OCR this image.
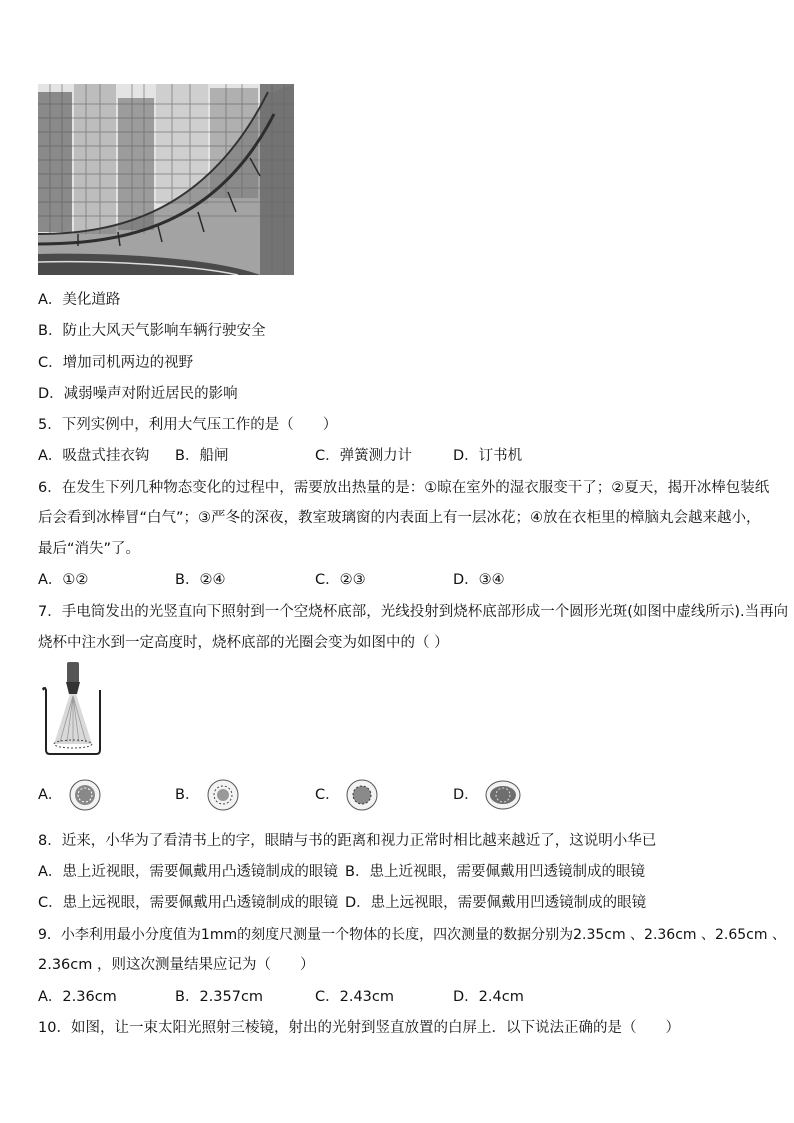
A．美化道路
B．防止大风天气影响车辆行驶安全
C．增加司机两边的视野
D．减弱噪声对附近居民的影响
5．下列实例中，利用大气压工作的是（　　）
A．吸盘式挂衣钩 B．船闸	C．弹簧测力计	D．订书机
6．在发生下列几种物态变化的过程中，需要放出热量的是：①晾在室外的湿衣服变干了；②夏天，揭开冰棒包装纸
后会看到冰棒冒“白气”；③严冬的深夜，教室玻璃窗的内表面上有一层冰花；④放在衣柜里的樟脑丸会越来越小，
最后“消失”了。
A．①②	B．②④	C．②③	D．③④
7．手电筒发出的光竖直向下照射到一个空烧杯底部，光线投射到烧杯底部形成一个圆形光斑(如图中虚线所示).当再向
烧杯中注水到一定高度时，烧杯底部的光圈会变为如图中的（ ）
A．	B．	C．	D．
8．近来，小华为了看清书上的字，眼睛与书的距离和视力正常时相比越来越近了，这说明小华已
A．患上近视眼，需要佩戴用凸透镜制成的眼镜 B．患上近视眼，需要佩戴用凹透镜制成的眼镜
C．患上远视眼，需要佩戴用凸透镜制成的眼镜 D．患上远视眼，需要佩戴用凹透镜制成的眼镜
9．小李利用最小分度值为1mm的刻度尺测量一个物体的长度，四次测量的数据分别为2.35cm 、2.36cm 、2.65cm 、
2.36cm ，则这次测量结果应记为（　　）
A．2.36cm	B．2.357cm	C．2.43cm	D．2.4cm
10．如图，让一束太阳光照射三棱镜，射出的光射到竖直放置的白屏上．以下说法正确的是（　　）
